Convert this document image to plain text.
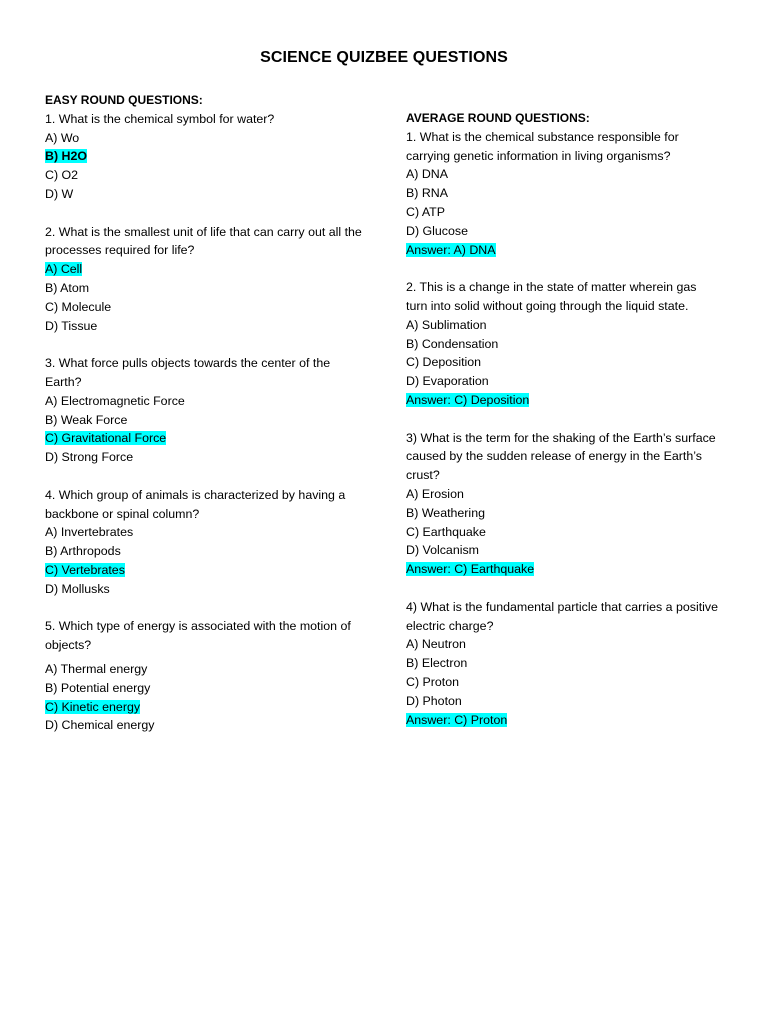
SCIENCE QUIZBEE QUESTIONS
EASY ROUND QUESTIONS:
1. What is the chemical symbol for water?
A) Wo
B) H2O
C) O2
D) W
2. What is the smallest unit of life that can carry out all the processes required for life?
A) Cell
B) Atom
C) Molecule
D) Tissue
3. What force pulls objects towards the center of the Earth?
A) Electromagnetic Force
B) Weak Force
C) Gravitational Force
D) Strong Force
4. Which group of animals is characterized by having a backbone or spinal column?
A) Invertebrates
B) Arthropods
C) Vertebrates
D) Mollusks
5. Which type of energy is associated with the motion of objects?
A) Thermal energy
B) Potential energy
C) Kinetic energy
D) Chemical energy
AVERAGE ROUND QUESTIONS:
1. What is the chemical substance responsible for carrying genetic information in living organisms?
A) DNA
B) RNA
C) ATP
D) Glucose
Answer: A) DNA
2. This is a change in the state of matter wherein gas turn into solid without going through the liquid state.
A) Sublimation
B) Condensation
C) Deposition
D) Evaporation
Answer: C) Deposition
3) What is the term for the shaking of the Earth’s surface caused by the sudden release of energy in the Earth’s crust?
A) Erosion
B) Weathering
C) Earthquake
D) Volcanism
Answer: C) Earthquake
4) What is the fundamental particle that carries a positive electric charge?
A) Neutron
B) Electron
C) Proton
D) Photon
Answer: C) Proton
